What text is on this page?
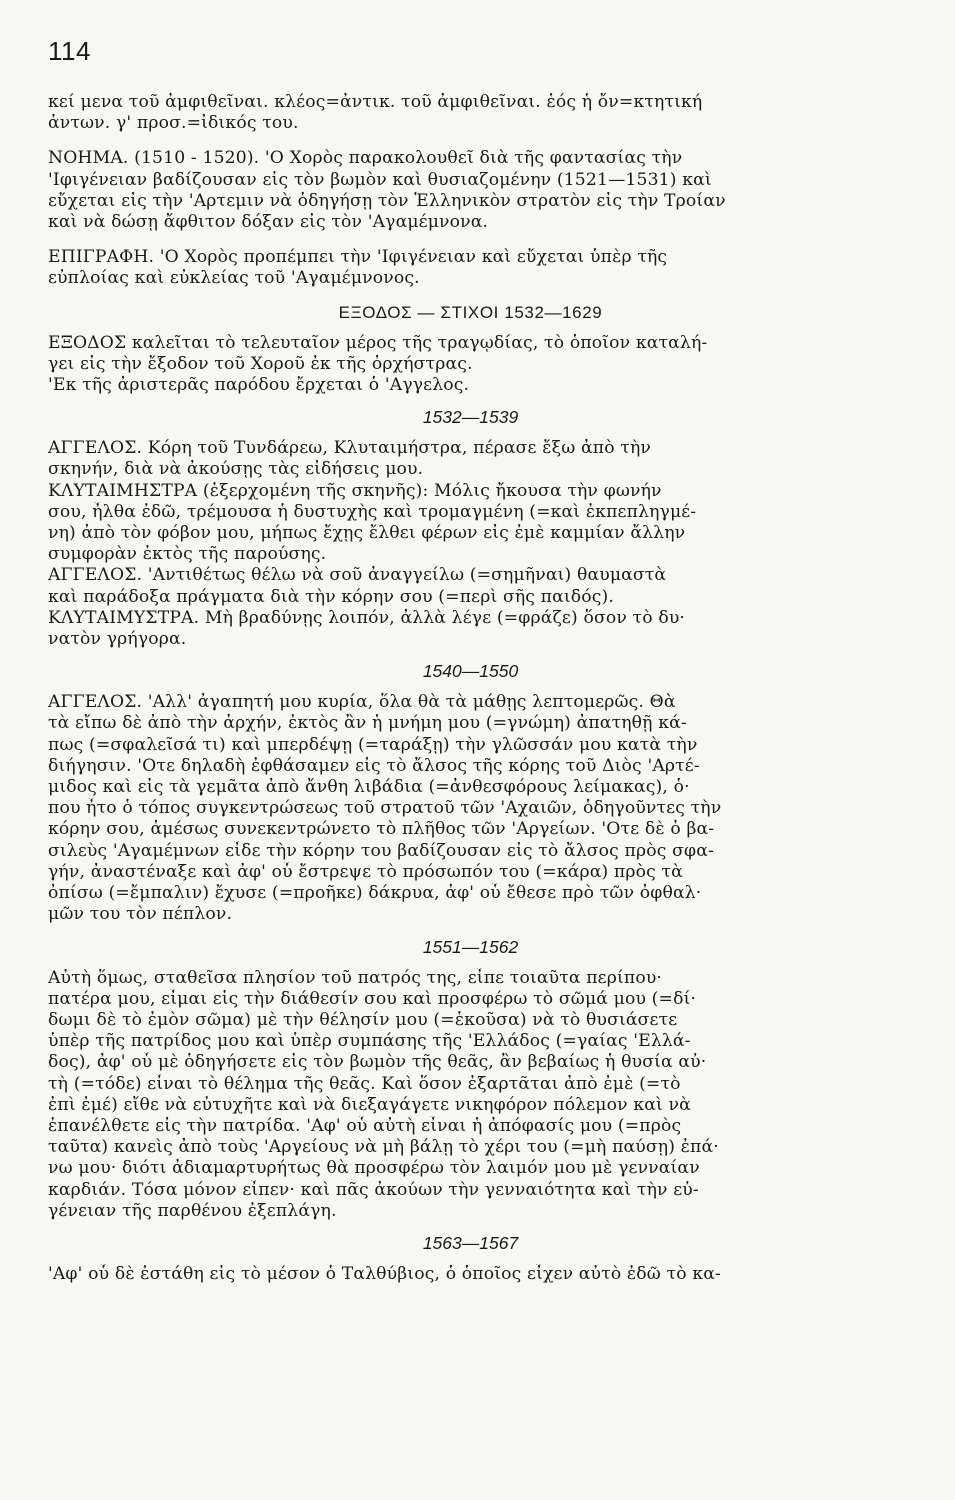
114
κεί μενα τοῦ ἀμφιθεῖναι. κλέος=ἀντικ. τοῦ ἀμφιθεῖναι. ἑός ἡ ὄν=κτητική
ἀντων. γ' προσ.=ἰδικός του.
ΝΟΗΜΑ. (1510 - 1520). 'Ο Χορὸς παρακολουθεῖ διὰ τῆς φαντασίας τὴν
'Ιφιγένειαν βαδίζουσαν εἰς τὸν βωμὸν καὶ θυσιαζομένην (1521—1531) καὶ
εὔχεται εἰς τὴν 'Αρτεμιν νὰ ὁδηγήσῃ τὸν Ἑλληνικὸν στρατὸν εἰς τὴν Τροίαν
καὶ νὰ δώσῃ ἄφθιτον δόξαν εἰς τὸν 'Αγαμέμνονα.
ΕΠΙΓΡΑΦΗ. 'Ο Χορὸς προπέμπει τὴν 'Ιφιγένειαν καὶ εὔχεται ὑπὲρ τῆς
εὐπλοίας καὶ εὐκλείας τοῦ 'Αγαμέμνονος.
ΕΞΟΔΟΣ — ΣΤΙΧΟΙ 1532—1629
ΕΞΟΔΟΣ καλεῖται τὸ τελευταῖον μέρος τῆς τραγῳδίας, τὸ ὁποῖον καταλή-
γει εἰς τὴν ἔξοδον τοῦ Χοροῦ ἐκ τῆς ὀρχήστρας.
'Εκ τῆς ἀριστερᾶς παρόδου ἔρχεται ὁ 'Αγγελος.
1532—1539
ΑΓΓΕΛΟΣ. Κόρη τοῦ Τυνδάρεω, Κλυταιμήστρα, πέρασε ἔξω ἀπὸ τὴν
σκηνήν, διὰ νὰ ἀκούσῃς τὰς εἰδήσεις μου.
ΚΛΥΤΑΙΜΗΣΤΡΑ (ἐξερχομένη τῆς σκηνῆς): Μόλις ἤκουσα τὴν φωνήν
σου, ἦλθα ἐδῶ, τρέμουσα ἡ δυστυχὴς καὶ τρομαγμένη (=καὶ ἐκπεπληγμέ-
νη) ἀπὸ τὸν φόβον μου, μήπως ἔχῃς ἔλθει φέρων εἰς ἐμὲ καμμίαν ἄλλην
συμφορὰν ἐκτὸς τῆς παρούσης.
ΑΓΓΕΛΟΣ. 'Αντιθέτως θέλω νὰ σοῦ ἀναγγείλω (=σημῆναι) θαυμαστὰ
καὶ παράδοξα πράγματα διὰ τὴν κόρην σου (=περὶ σῆς παιδός).
ΚΛΥΤΑΙΜΥΣΤΡΑ. Μὴ βραδύνῃς λοιπόν, ἀλλὰ λέγε (=φράζε) ὅσον τὸ δυ·
νατὸν γρήγορα.
1540—1550
ΑΓΓΕΛΟΣ. 'Αλλ' ἀγαπητή μου κυρία, ὅλα θὰ τὰ μάθῃς λεπτομερῶς. Θὰ
τὰ εἴπω δὲ ἀπὸ τὴν ἀρχήν, ἐκτὸς ἂν ἡ μνήμη μου (=γνώμη) ἀπατηθῇ κά-
πως (=σφαλεῖσά τι) καὶ μπερδέψῃ (=ταράξῃ) τὴν γλῶσσάν μου κατὰ τὴν
διήγησιν. 'Οτε δηλαδὴ ἐφθάσαμεν εἰς τὸ ἄλσος τῆς κόρης τοῦ Διὸς 'Αρτέ-
μιδος καὶ εἰς τὰ γεμᾶτα ἀπὸ ἄνθη λιβάδια (=ἀνθεσφόρους λείμακας), ὁ·
που ἦτο ὁ τόπος συγκεντρώσεως τοῦ στρατοῦ τῶν 'Αχαιῶν, ὁδηγοῦντες τὴν
κόρην σου, ἀμέσως συνεκεντρώνετο τὸ πλῆθος τῶν 'Αργείων. 'Οτε δὲ ὁ βα-
σιλεὺς 'Αγαμέμνων εἶδε τὴν κόρην του βαδίζουσαν εἰς τὸ ἄλσος πρὸς σφα-
γήν, ἀναστέναξε καὶ ἀφ' οὗ ἔστρεψε τὸ πρόσωπόν του (=κάρα) πρὸς τὰ
ὀπίσω (=ἔμπαλιν) ἔχυσε (=προῆκε) δάκρυα, ἀφ' οὗ ἔθεσε πρὸ τῶν ὀφθαλ·
μῶν του τὸν πέπλον.
1551—1562
Αὐτὴ ὅμως, σταθεῖσα πλησίον τοῦ πατρός της, εἶπε τοιαῦτα περίπου·
πατέρα μου, εἶμαι εἰς τὴν διάθεσίν σου καὶ προσφέρω τὸ σῶμά μου (=δί·
δωμι δὲ τὸ ἐμὸν σῶμα) μὲ τὴν θέλησίν μου (=ἑκοῦσα) νὰ τὸ θυσιάσετε
ὑπὲρ τῆς πατρίδος μου καὶ ὑπὲρ συμπάσης τῆς 'Ελλάδος (=γαίας 'Ελλά-
δος), ἀφ' οὗ μὲ ὁδηγήσετε εἰς τὸν βωμὸν τῆς θεᾶς, ἂν βεβαίως ἡ θυσία αὐ·
τὴ (=τόδε) εἶναι τὸ θέλημα τῆς θεᾶς. Καὶ ὅσον ἐξαρτᾶται ἀπὸ ἐμὲ (=τὸ
ἐπὶ ἐμέ) εἴθε νὰ εὐτυχῆτε καὶ νὰ διεξαγάγετε νικηφόρον πόλεμον καὶ νὰ
ἐπανέλθετε εἰς τὴν πατρίδα. 'Αφ' οὗ αὐτὴ εἶναι ἡ ἀπόφασίς μου (=πρὸς
ταῦτα) κανεὶς ἀπὸ τοὺς 'Αργείους νὰ μὴ βάλῃ τὸ χέρι του (=μὴ παύσῃ) ἐπά·
νω μου· διότι ἀδιαμαρτυρήτως θὰ προσφέρω τὸν λαιμόν μου μὲ γενναίαν
καρδιάν. Τόσα μόνον εἶπεν· καὶ πᾶς ἀκούων τὴν γενναιότητα καὶ τὴν εὐ-
γένειαν τῆς παρθένου ἐξεπλάγη.
1563—1567
'Αφ' οὗ δὲ ἐστάθη εἰς τὸ μέσον ὁ Ταλθύβιος, ὁ ὁποῖος εἶχεν αὐτὸ ἐδῶ τὸ κα-
